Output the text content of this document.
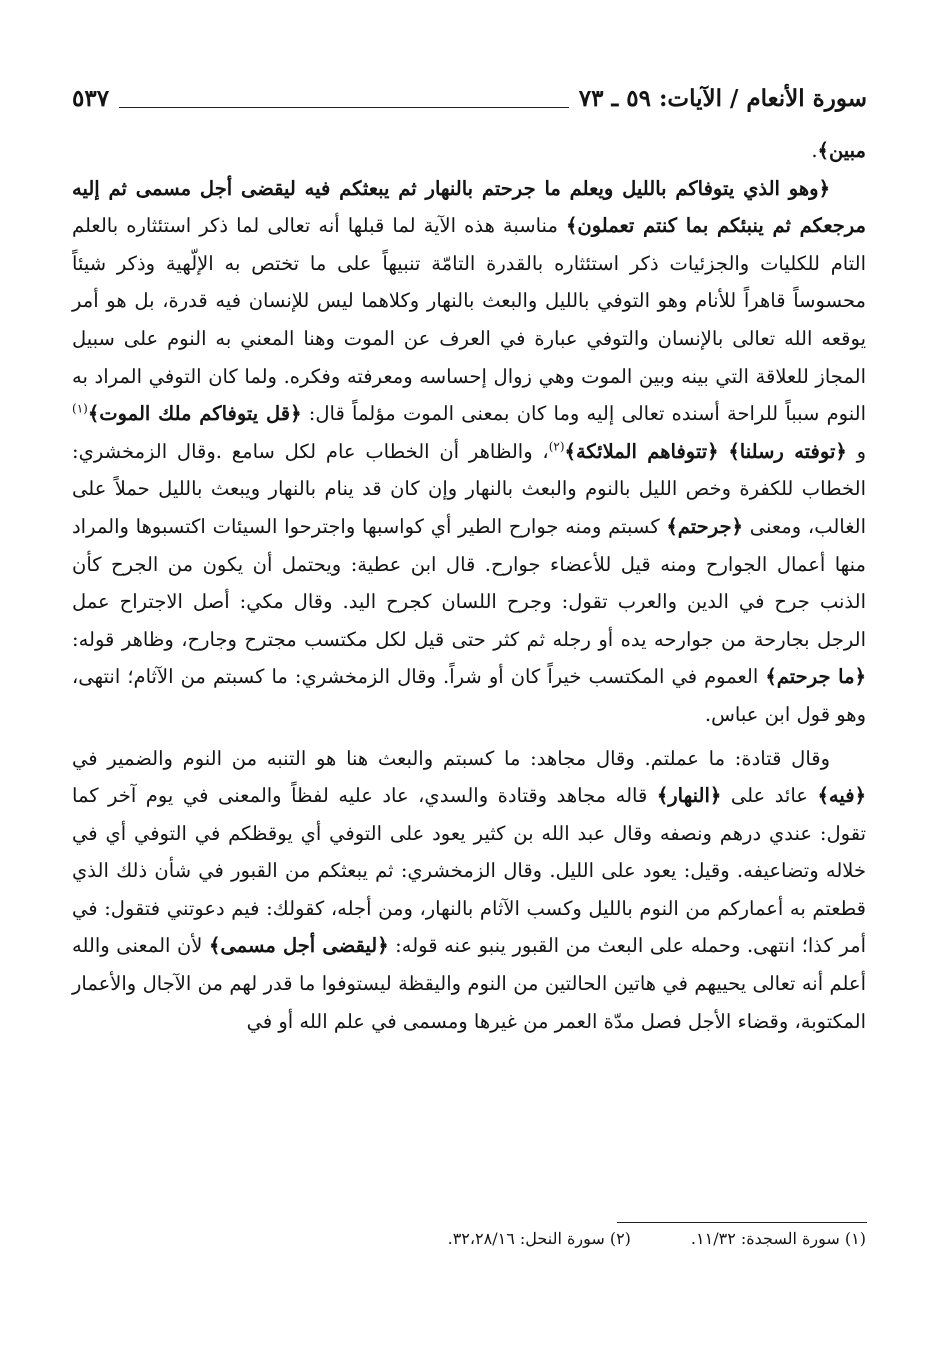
سورة الأنعام / الآيات: ٥٩ ـ ٧٣
٥٣٧

مبين﴾.

﴿وهو الذي يتوفاكم بالليل ويعلم ما جرحتم بالنهار ثم يبعثكم فيه ليقضى أجل مسمى ثم إليه مرجعكم ثم ينبئكم بما كنتم تعملون﴾ مناسبة هذه الآية لما قبلها أنه تعالى لما ذكر استئثاره بالعلم التام للكليات والجزئيات ذكر استئثاره بالقدرة التامّة تنبيهاً على ما تختص به الإلّهية وذكر شيئاً محسوساً قاهراً للأنام وهو التوفي بالليل والبعث بالنهار وكلاهما ليس للإنسان فيه قدرة، بل هو أمر يوقعه الله تعالى بالإنسان والتوفي عبارة في العرف عن الموت وهنا المعني به النوم على سبيل المجاز للعلاقة التي بينه وبين الموت وهي زوال إحساسه ومعرفته وفكره. ولما كان التوفي المراد به النوم سبباً للراحة أسنده تعالى إليه وما كان بمعنى الموت مؤلماً قال: ﴿قل يتوفاكم ملك الموت﴾$^{(١)}$ و ﴿توفته رسلنا﴾ ﴿تتوفاهم الملائكة﴾$^{(٢)}$، والظاهر أن الخطاب عام لكل سامع .وقال الزمخشري: الخطاب للكفرة وخص الليل بالنوم والبعث بالنهار وإن كان قد ينام بالنهار ويبعث بالليل حملاً على الغالب، ومعنى ﴿جرحتم﴾ كسبتم ومنه جوارح الطير أي كواسبها واجترحوا السيئات اكتسبوها والمراد منها أعمال الجوارح ومنه قيل للأعضاء جوارح. قال ابن عطية: ويحتمل أن يكون من الجرح كأن الذنب جرح في الدين والعرب تقول: وجرح اللسان كجرح اليد. وقال مكي: أصل الاجتراح عمل الرجل بجارحة من جوارحه يده أو رجله ثم كثر حتى قيل لكل مكتسب مجترح وجارح، وظاهر قوله: ﴿ما جرحتم﴾ العموم في المكتسب خيراً كان أو شراً. وقال الزمخشري: ما كسبتم من الآثام؛ انتهى، وهو قول ابن عباس.

وقال قتادة: ما عملتم. وقال مجاهد: ما كسبتم والبعث هنا هو التنبه من النوم والضمير في ﴿فيه﴾ عائد على ﴿النهار﴾ قاله مجاهد وقتادة والسدي، عاد عليه لفظاً والمعنى في يوم آخر كما تقول: عندي درهم ونصفه وقال عبد الله بن كثير يعود على التوفي أي يوقظكم في التوفي أي في خلاله وتضاعيفه. وقيل: يعود على الليل. وقال الزمخشري: ثم يبعثكم من القبور في شأن ذلك الذي قطعتم به أعماركم من النوم بالليل وكسب الآثام بالنهار، ومن أجله، كقولك: فيم دعوتني فتقول: في أمر كذا؛ انتهى. وحمله على البعث من القبور ينبو عنه قوله: ﴿ليقضى أجل مسمى﴾ لأن المعنى والله أعلم أنه تعالى يحييهم في هاتين الحالتين من النوم واليقظة ليستوفوا ما قدر لهم من الآجال والأعمار المكتوبة، وقضاء الأجل فصل مدّة العمر من غيرها ومسمى في علم الله أو في

(١) سورة السجدة: ١١/٣٢.
(٢) سورة النحل: ٣٢،٢٨/١٦.
